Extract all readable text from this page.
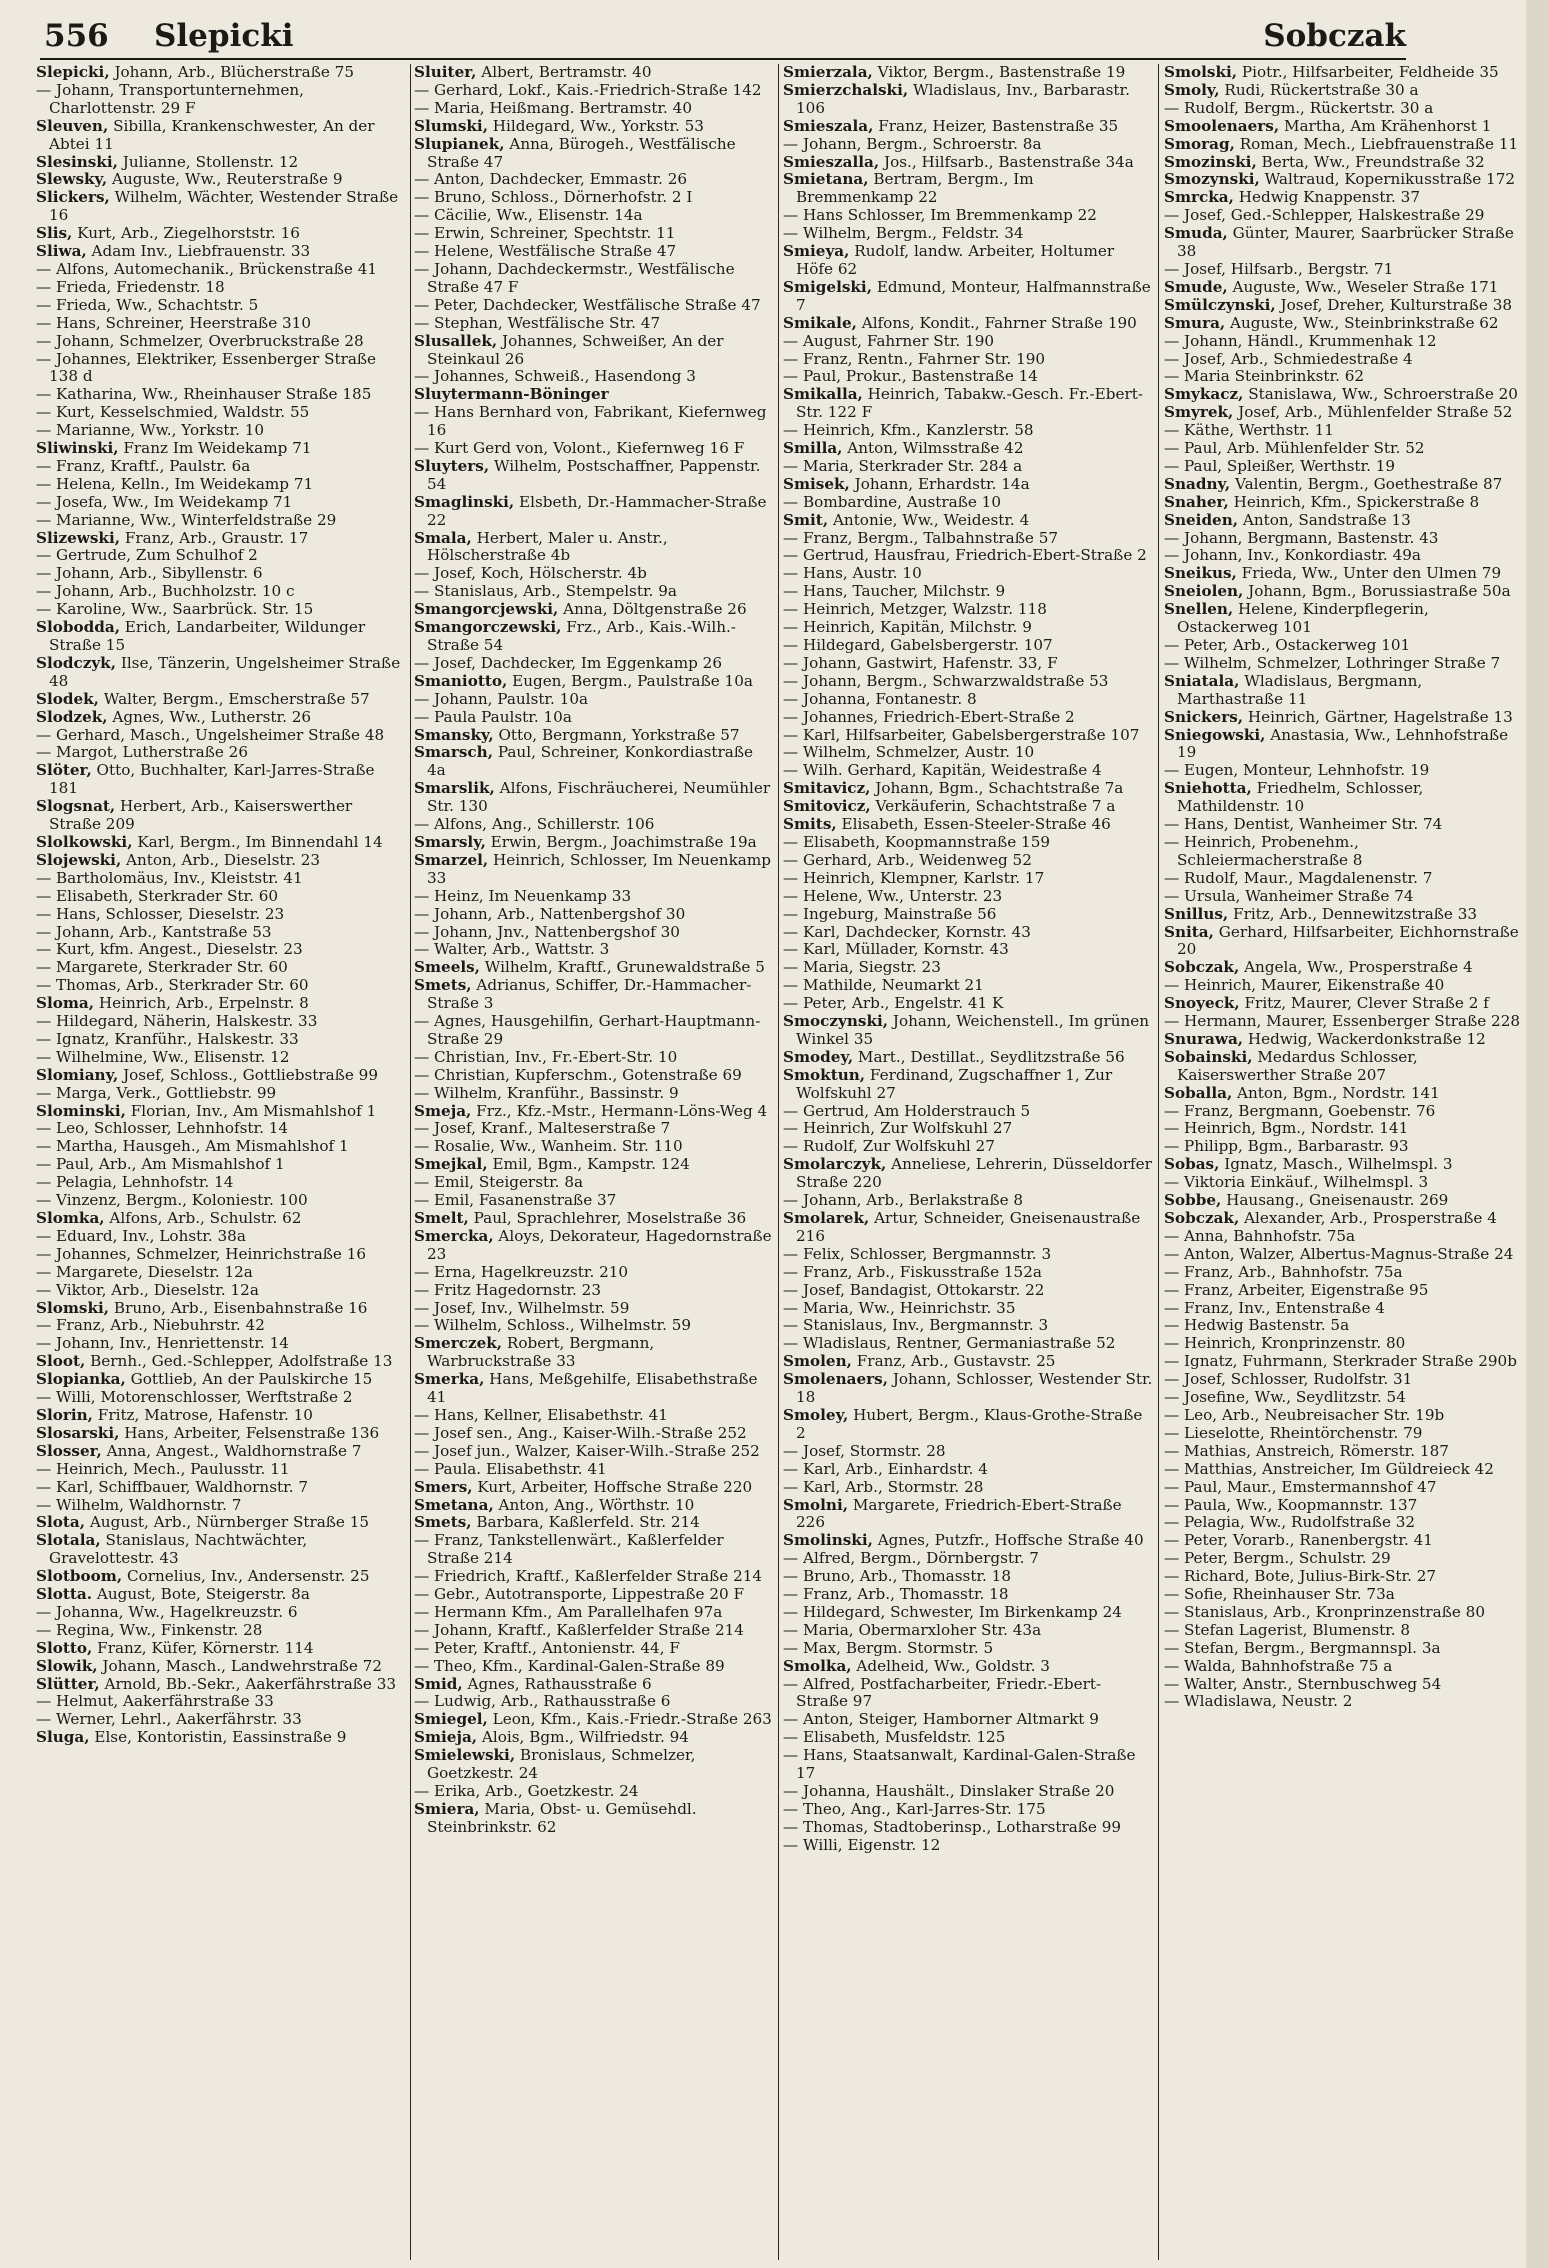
556 Slepicki	Sobczak

Slepicki, Johann, Arb., Blücherstraße 75

— Johann, Transportunternehmen, Charlottenstr. 29 F

Sleuven, Sibilla, Krankenschwester, An der Abtei 11

Slesinski, Julianne, Stollenstr. 12

Slewsky, Auguste, Ww., Reuterstraße 9

Slickers, Wilhelm, Wächter, Westender Straße 16

Slis, Kurt, Arb., Ziegelhorststr. 16

Sliwa, Adam Inv., Liebfrauenstr. 33

— Alfons, Automechanik., Brückenstraße 41

— Frieda, Friedenstr. 18

— Frieda, Ww., Schachtstr. 5

— Hans, Schreiner, Heerstraße 310

— Johann, Schmelzer, Overbruckstraße 28

— Johannes, Elektriker, Essenberger Straße 138 d

— Katharina, Ww., Rheinhauser Straße 185

— Kurt, Kesselschmied, Waldstr. 55

— Marianne, Ww., Yorkstr. 10

Sliwinski, Franz Im Weidekamp 71

— Franz, Kraftf., Paulstr. 6a

— Helena, Kelln., Im Weidekamp 71

— Josefa, Ww., Im Weidekamp 71

— Marianne, Ww., Winterfeldstraße 29

Slizewski, Franz, Arb., Graustr. 17

— Gertrude, Zum Schulhof 2

— Johann, Arb., Sibyllenstr. 6

— Johann, Arb., Buchholzstr. 10 c

— Karoline, Ww., Saarbrück. Str. 15

Slobodda, Erich, Landarbeiter, Wildunger Straße 15

Slodczyk, Ilse, Tänzerin, Ungelsheimer Straße 48

Slodek, Walter, Bergm., Emscherstraße 57

Slodzek, Agnes, Ww., Lutherstr. 26

— Gerhard, Masch., Ungelsheimer Straße 48

— Margot, Lutherstraße 26

Slöter, Otto, Buchhalter, Karl-Jarres-Straße 181

Slogsnat, Herbert, Arb., Kaiserswerther Straße 209

Slolkowski, Karl, Bergm., Im Binnendahl 14

Slojewski, Anton, Arb., Dieselstr. 23

— Bartholomäus, Inv., Kleiststr. 41

— Elisabeth, Sterkrader Str. 60

— Hans, Schlosser, Dieselstr. 23

— Johann, Arb., Kantstraße 53

— Kurt, kfm. Angest., Dieselstr. 23

— Margarete, Sterkrader Str. 60

— Thomas, Arb., Sterkrader Str. 60

Sloma, Heinrich, Arb., Erpelnstr. 8

— Hildegard, Näherin, Halskestr. 33

— Ignatz, Kranführ., Halskestr. 33

— Wilhelmine, Ww., Elisenstr. 12

Slomiany, Josef, Schloss., Gottliebstraße 99

— Marga, Verk., Gottliebstr. 99

Slominski, Florian, Inv., Am Mismahlshof 1

— Leo, Schlosser, Lehnhofstr. 14

— Martha, Hausgeh., Am Mismahlshof 1

— Paul, Arb., Am Mismahlshof 1

— Pelagia, Lehnhofstr. 14

— Vinzenz, Bergm., Koloniestr. 100

Slomka, Alfons, Arb., Schulstr. 62

— Eduard, Inv., Lohstr. 38a

— Johannes, Schmelzer, Heinrichstraße 16

— Margarete, Dieselstr. 12a

— Viktor, Arb., Dieselstr. 12a

Slomski, Bruno, Arb., Eisenbahnstraße 16

— Franz, Arb., Niebuhrstr. 42

— Johann, Inv., Henriettenstr. 14

Sloot, Bernh., Ged.-Schlepper, Adolfstraße 13

Slopianka, Gottlieb, An der Paulskirche 15

— Willi, Motorenschlosser, Werftstraße 2

Slorin, Fritz, Matrose, Hafenstr. 10

Slosarski, Hans, Arbeiter, Felsenstraße 136

Slosser, Anna, Angest., Waldhornstraße 7

— Heinrich, Mech., Paulusstr. 11

— Karl, Schiffbauer, Waldhornstr. 7

— Wilhelm, Waldhornstr. 7

Slota, August, Arb., Nürnberger Straße 15

Slotala, Stanislaus, Nachtwächter, Gravelottestr. 43

Slotboom, Cornelius, Inv., Andersenstr. 25

Slotta. August, Bote, Steigerstr. 8a

— Johanna, Ww., Hagelkreuzstr. 6

— Regina, Ww., Finkenstr. 28

Slotto, Franz, Küfer, Körnerstr. 114

Slowik, Johann, Masch., Landwehrstraße 72

Slütter, Arnold, Bb.-Sekr., Aakerfährstraße 33

— Helmut, Aakerfährstraße 33

— Werner, Lehrl., Aakerfährstr. 33

Sluga, Else, Kontoristin, Eassinstraße 9

Sluiter, Albert, Bertramstr. 40

— Gerhard, Lokf., Kais.-Friedrich-Straße 142

— Maria, Heißmang. Bertramstr. 40

Slumski, Hildegard, Ww., Yorkstr. 53

Slupianek, Anna, Bürogeh., Westfälische Straße 47

— Anton, Dachdecker, Emmastr. 26

— Bruno, Schloss., Dörnerhofstr. 2 I

— Cäcilie, Ww., Elisenstr. 14a

— Erwin, Schreiner, Spechtstr. 11

— Helene, Westfälische Straße 47

— Johann, Dachdeckermstr., Westfälische Straße 47 F

— Peter, Dachdecker, Westfälische Straße 47

— Stephan, Westfälische Str. 47

Slusallek, Johannes, Schweißer, An der Steinkaul 26

— Johannes, Schweiß., Hasendong 3

Sluytermann-Böninger

— Hans Bernhard von, Fabrikant, Kiefernweg 16

— Kurt Gerd von, Volont., Kiefernweg 16 F

Sluyters, Wilhelm, Postschaffner, Pappenstr. 54

Smaglinski, Elsbeth, Dr.-Hammacher-Straße 22

Smala, Herbert, Maler u. Anstr., Hölscherstraße 4b

— Josef, Koch, Hölscherstr. 4b

— Stanislaus, Arb., Stempelstr. 9a

Smangorcjewski, Anna, Döltgenstraße 26

Smangorczewski, Frz., Arb., Kais.-Wilh.-Straße 54

— Josef, Dachdecker, Im Eggenkamp 26

Smaniotto, Eugen, Bergm., Paulstraße 10a

— Johann, Paulstr. 10a

— Paula Paulstr. 10a

Smansky, Otto, Bergmann, Yorkstraße 57

Smarsch, Paul, Schreiner, Konkordiastraße 4a

Smarslik, Alfons, Fischräucherei, Neumühler Str. 130

— Alfons, Ang., Schillerstr. 106

Smarsly, Erwin, Bergm., Joachimstraße 19a

Smarzel, Heinrich, Schlosser, Im Neuenkamp 33

— Heinz, Im Neuenkamp 33

— Johann, Arb., Nattenbergshof 30

— Johann, Jnv., Nattenbergshof 30

— Walter, Arb., Wattstr. 3

Smeels, Wilhelm, Kraftf., Grunewaldstraße 5

Smets, Adrianus, Schiffer, Dr.-Hammacher-Straße 3

— Agnes, Hausgehilfin, Gerhart-Hauptmann-Straße 29

— Christian, Inv., Fr.-Ebert-Str. 10

— Christian, Kupferschm., Gotenstraße 69

— Wilhelm, Kranführ., Bassinstr. 9

Smeja, Frz., Kfz.-Mstr., Hermann-Löns-Weg 4

— Josef, Kranf., Malteserstraße 7

— Rosalie, Ww., Wanheim. Str. 110

Smejkal, Emil, Bgm., Kampstr. 124

— Emil, Steigerstr. 8a

— Emil, Fasanenstraße 37

Smelt, Paul, Sprachlehrer, Moselstraße 36

Smercka, Aloys, Dekorateur, Hagedornstraße 23

— Erna, Hagelkreuzstr. 210

— Fritz Hagedornstr. 23

— Josef, Inv., Wilhelmstr. 59

— Wilhelm, Schloss., Wilhelmstr. 59

Smerczek, Robert, Bergmann, Warbruckstraße 33

Smerka, Hans, Meßgehilfe, Elisabethstraße 41

— Hans, Kellner, Elisabethstr. 41

— Josef sen., Ang., Kaiser-Wilh.-Straße 252

— Josef jun., Walzer, Kaiser-Wilh.-Straße 252

— Paula. Elisabethstr. 41

Smers, Kurt, Arbeiter, Hoffsche Straße 220

Smetana, Anton, Ang., Wörthstr. 10

Smets, Barbara, Kaßlerfeld. Str. 214

— Franz, Tankstellenwärt., Kaßlerfelder Straße 214

— Friedrich, Kraftf., Kaßlerfelder Straße 214

— Gebr., Autotransporte, Lippestraße 20 F

— Hermann Kfm., Am Parallelhafen 97a

— Johann, Kraftf., Kaßlerfelder Straße 214

— Peter, Kraftf., Antonienstr. 44, F

— Theo, Kfm., Kardinal-Galen-Straße 89

Smid, Agnes, Rathausstraße 6

— Ludwig, Arb., Rathausstraße 6

Smiegel, Leon, Kfm., Kais.-Friedr.-Straße 263

Smieja, Alois, Bgm., Wilfriedstr. 94

Smielewski, Bronislaus, Schmelzer, Goetzkestr. 24

— Erika, Arb., Goetzkestr. 24

Smiera, Maria, Obst- u. Gemüsehdl. Steinbrinkstr. 62

Smierzala, Viktor, Bergm., Bastenstraße 19

Smierzchalski, Wladislaus, Inv., Barbarastr. 106

Smieszala, Franz, Heizer, Bastenstraße 35

— Johann, Bergm., Schroerstr. 8a

Smieszalla, Jos., Hilfsarb., Bastenstraße 34a

Smietana, Bertram, Bergm., Im Bremmenkamp 22

— Hans Schlosser, Im Bremmenkamp 22

— Wilhelm, Bergm., Feldstr. 34

Smieya, Rudolf, landw. Arbeiter, Holtumer Höfe 62

Smigelski, Edmund, Monteur, Halfmannstraße 7

Smikale, Alfons, Kondit., Fahrner Straße 190

— August, Fahrner Str. 190

— Franz, Rentn., Fahrner Str. 190

— Paul, Prokur., Bastenstraße 14

Smikalla, Heinrich, Tabakw.-Gesch. Fr.-Ebert-Str. 122 F

— Heinrich, Kfm., Kanzlerstr. 58

Smilla, Anton, Wilmsstraße 42

— Maria, Sterkrader Str. 284 a

Smisek, Johann, Erhardstr. 14a

— Bombardine, Austraße 10

Smit, Antonie, Ww., Weidestr. 4

— Franz, Bergm., Talbahnstraße 57

— Gertrud, Hausfrau, Friedrich-Ebert-Straße 2

— Hans, Austr. 10

— Hans, Taucher, Milchstr. 9

— Heinrich, Metzger, Walzstr. 118

— Heinrich, Kapitän, Milchstr. 9

— Hildegard, Gabelsbergerstr. 107

— Johann, Gastwirt, Hafenstr. 33, F

— Johann, Bergm., Schwarzwaldstraße 53

— Johanna, Fontanestr. 8

— Johannes, Friedrich-Ebert-Straße 2

— Karl, Hilfsarbeiter, Gabelsbergerstraße 107

— Wilhelm, Schmelzer, Austr. 10

— Wilh. Gerhard, Kapitän, Weidestraße 4

Smitavicz, Johann, Bgm., Schachtstraße 7a

Smitovicz, Verkäuferin, Schachtstraße 7 a

Smits, Elisabeth, Essen-Steeler-Straße 46

— Elisabeth, Koopmannstraße 159

— Gerhard, Arb., Weidenweg 52

— Heinrich, Klempner, Karlstr. 17

— Helene, Ww., Unterstr. 23

— Ingeburg, Mainstraße 56

— Karl, Dachdecker, Kornstr. 43

— Karl, Müllader, Kornstr. 43

— Maria, Siegstr. 23

— Mathilde, Neumarkt 21

— Peter, Arb., Engelstr. 41 K

Smoczynski, Johann, Weichenstell., Im grünen Winkel 35

Smodey, Mart., Destillat., Seydlitzstraße 56

Smoktun, Ferdinand, Zugschaffner 1, Zur Wolfskuhl 27

— Gertrud, Am Holderstrauch 5

— Heinrich, Zur Wolfskuhl 27

— Rudolf, Zur Wolfskuhl 27

Smolarczyk, Anneliese, Lehrerin, Düsseldorfer Straße 220

— Johann, Arb., Berlakstraße 8

Smolarek, Artur, Schneider, Gneisenaustraße 216

— Felix, Schlosser, Bergmannstr. 3

— Franz, Arb., Fiskusstraße 152a

— Josef, Bandagist, Ottokarstr. 22

— Maria, Ww., Heinrichstr. 35

— Stanislaus, Inv., Bergmannstr. 3

— Wladislaus, Rentner, Germaniastraße 52

Smolen, Franz, Arb., Gustavstr. 25

Smolenaers, Johann, Schlosser, Westender Str. 18

Smoley, Hubert, Bergm., Klaus-Grothe-Straße 2

— Josef, Stormstr. 28

— Karl, Arb., Einhardstr. 4

— Karl, Arb., Stormstr. 28

Smolni, Margarete, Friedrich-Ebert-Straße 226

Smolinski, Agnes, Putzfr., Hoffsche Straße 40

— Alfred, Bergm., Dörnbergstr. 7

— Bruno, Arb., Thomasstr. 18

— Franz, Arb., Thomasstr. 18

— Hildegard, Schwester, Im Birkenkamp 24

— Maria, Obermarxloher Str. 43a

— Max, Bergm. Stormstr. 5

Smolka, Adelheid, Ww., Goldstr. 3

— Alfred, Postfacharbeiter, Friedr.-Ebert-Straße 97

— Anton, Steiger, Hamborner Altmarkt 9

— Elisabeth, Musfeldstr. 125

— Hans, Staatsanwalt, Kardinal-Galen-Straße 17

— Johanna, Haushält., Dinslaker Straße 20

— Theo, Ang., Karl-Jarres-Str. 175

— Thomas, Stadtoberinsp., Lotharstraße 99

— Willi, Eigenstr. 12

Smolski, Piotr., Hilfsarbeiter, Feldheide 35

Smoly, Rudi, Rückertstraße 30 a

— Rudolf, Bergm., Rückertstr. 30 a

Smoolenaers, Martha, Am Krähenhorst 1

Smorag, Roman, Mech., Liebfrauenstraße 11

Smozinski, Berta, Ww., Freundstraße 32

Smozynski, Waltraud, Kopernikusstraße 172

Smrcka, Hedwig Knappenstr. 37

— Josef, Ged.-Schlepper, Halskestraße 29

Smuda, Günter, Maurer, Saarbrücker Straße 38

— Josef, Hilfsarb., Bergstr. 71

Smude, Auguste, Ww., Weseler Straße 171

Smülczynski, Josef, Dreher, Kulturstraße 38

Smura, Auguste, Ww., Steinbrinkstraße 62

— Johann, Händl., Krummenhak 12

— Josef, Arb., Schmiedestraße 4

— Maria Steinbrinkstr. 62

Smykacz, Stanislawa, Ww., Schroerstraße 20

Smyrek, Josef, Arb., Mühlenfelder Straße 52

— Käthe, Werthstr. 11

— Paul, Arb. Mühlenfelder Str. 52

— Paul, Spleißer, Werthstr. 19

Snadny, Valentin, Bergm., Goethestraße 87

Snaher, Heinrich, Kfm., Spickerstraße 8

Sneiden, Anton, Sandstraße 13

— Johann, Bergmann, Bastenstr. 43

— Johann, Inv., Konkordiastr. 49a

Sneikus, Frieda, Ww., Unter den Ulmen 79

Sneiolen, Johann, Bgm., Borussiastraße 50a

Snellen, Helene, Kinderpflegerin, Ostackerweg 101

— Peter, Arb., Ostackerweg 101

— Wilhelm, Schmelzer, Lothringer Straße 7

Sniatala, Wladislaus, Bergmann, Marthastraße 11

Snickers, Heinrich, Gärtner, Hagelstraße 13

Sniegowski, Anastasia, Ww., Lehnhofstraße 19

— Eugen, Monteur, Lehnhofstr. 19

Sniehotta, Friedhelm, Schlosser, Mathildenstr. 10

— Hans, Dentist, Wanheimer Str. 74

— Heinrich, Probenehm., Schleiermacherstraße 8

— Rudolf, Maur., Magdalenenstr. 7

— Ursula, Wanheimer Straße 74

Snillus, Fritz, Arb., Dennewitzstraße 33

Snita, Gerhard, Hilfsarbeiter, Eichhornstraße 20

Sobczak, Angela, Ww., Prosperstraße 4

— Heinrich, Maurer, Eikenstraße 40

Snoyeck, Fritz, Maurer, Clever Straße 2 f

— Hermann, Maurer, Essenberger Straße 228

Snurawa, Hedwig, Wackerdonkstraße 12

Sobainski, Medardus Schlosser, Kaiserswerther Straße 207

Soballa, Anton, Bgm., Nordstr. 141

— Franz, Bergmann, Goebenstr. 76

— Heinrich, Bgm., Nordstr. 141

— Philipp, Bgm., Barbarastr. 93

Sobas, Ignatz, Masch., Wilhelmspl. 3

— Viktoria Einkäuf., Wilhelmspl. 3

Sobbe, Hausang., Gneisenaustr. 269

Sobczak, Alexander, Arb., Prosperstraße 4

— Anna, Bahnhofstr. 75a

— Anton, Walzer, Albertus-Magnus-Straße 24

— Franz, Arb., Bahnhofstr. 75a

— Franz, Arbeiter, Eigenstraße 95

— Franz, Inv., Entenstraße 4

— Hedwig Bastenstr. 5a

— Heinrich, Kronprinzenstr. 80

— Ignatz, Fuhrmann, Sterkrader Straße 290b

— Josef, Schlosser, Rudolfstr. 31

— Josefine, Ww., Seydlitzstr. 54

— Leo, Arb., Neubreisacher Str. 19b

— Lieselotte, Rheintörchenstr. 79

— Mathias, Anstreich, Römerstr. 187

— Matthias, Anstreicher, Im Güldreieck 42

— Paul, Maur., Emstermannshof 47

— Paula, Ww., Koopmannstr. 137

— Pelagia, Ww., Rudolfstraße 32

— Peter, Vorarb., Ranenbergstr. 41

— Peter, Bergm., Schulstr. 29

— Richard, Bote, Julius-Birk-Str. 27

— Sofie, Rheinhauser Str. 73a

— Stanislaus, Arb., Kronprinzenstraße 80

— Stefan Lagerist, Blumenstr. 8

— Stefan, Bergm., Bergmannspl. 3a

— Walda, Bahnhofstraße 75 a

— Walter, Anstr., Sternbuschweg 54

— Wladislawa, Neustr. 2
